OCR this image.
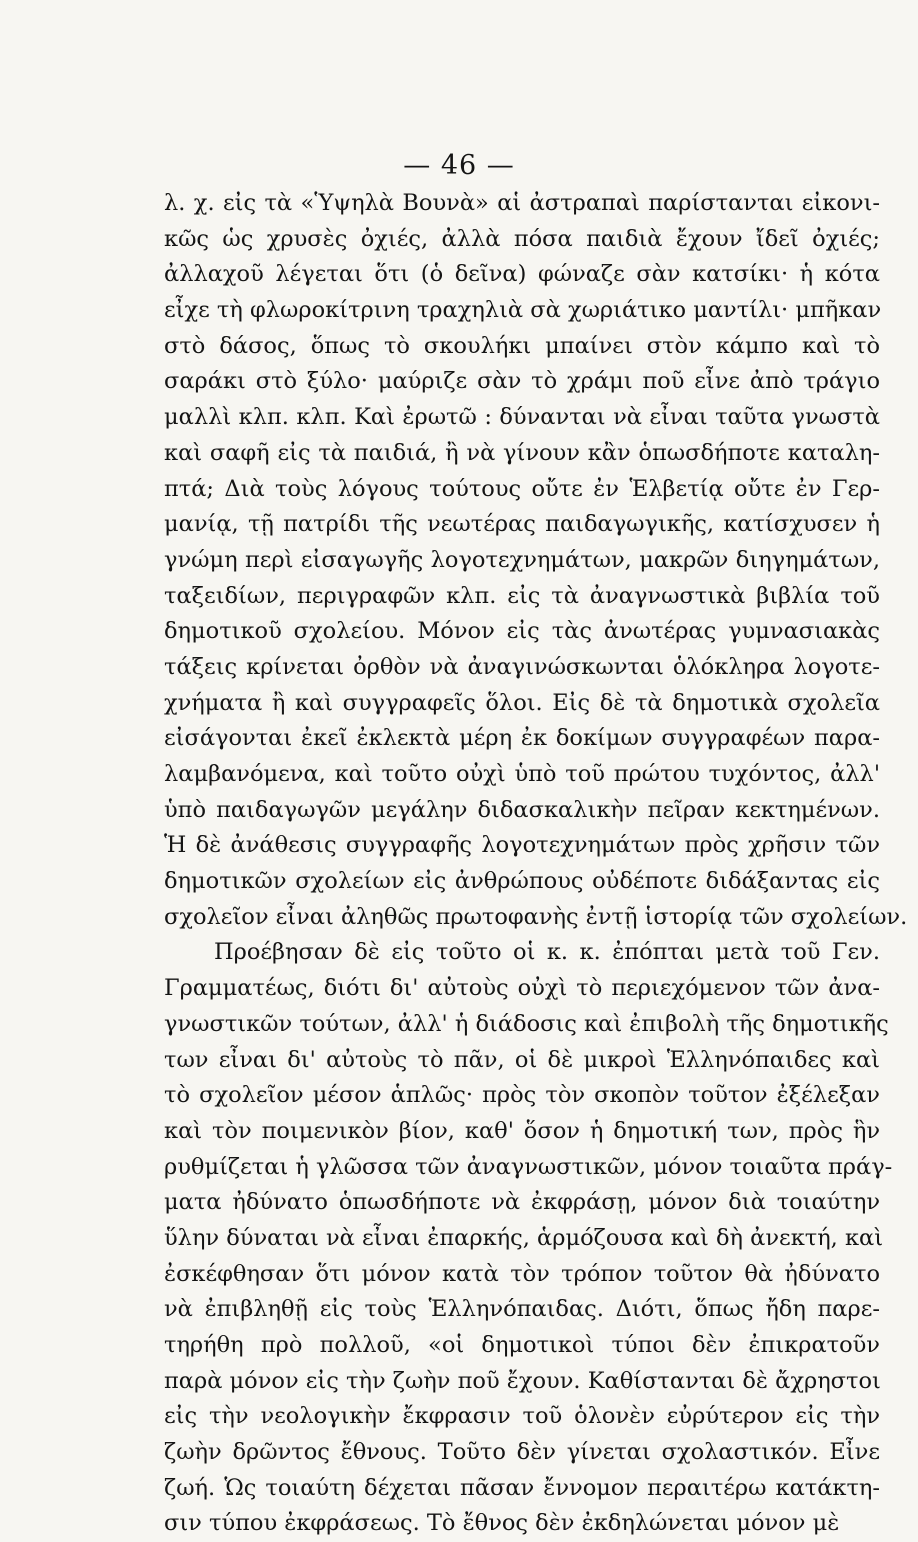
— 46 —
λ. χ. εἰς τὰ «Ὑψηλὰ Βουνὰ» αἱ ἀστραπαὶ παρίστανται εἰκονι-
κῶς ὡς χρυσὲς ὀχιές, ἀλλὰ πόσα παιδιὰ ἔχουν ἴδεῖ ὀχιές;
ἀλλαχοῦ λέγεται ὅτι (ὁ δεῖνα) φώναζε σὰν κατσίκι· ἡ κότα
εἶχε τὴ φλωροκίτρινη τραχηλιὰ σὰ χωριάτικο μαντίλι· μπῆκαν
στὸ δάσος, ὅπως τὸ σκουλήκι μπαίνει στὸν κάμπο καὶ τὸ
σαράκι στὸ ξύλο· μαύριζε σὰν τὸ χράμι ποῦ εἶνε ἀπὸ τράγιο
μαλλὶ κλπ. κλπ. Καὶ ἐρωτῶ : δύνανται νὰ εἶναι ταῦτα γνωστὰ
καὶ σαφῆ εἰς τὰ παιδιά, ἢ νὰ γίνουν κἂν ὁπωσδήποτε καταλη-
πτά; Διὰ τοὺς λόγους τούτους οὔτε ἐν Ἑλβετίᾳ οὔτε ἐν Γερ-
μανίᾳ, τῇ πατρίδι τῆς νεωτέρας παιδαγωγικῆς, κατίσχυσεν ἡ
γνώμη περὶ εἰσαγωγῆς λογοτεχνημάτων, μακρῶν διηγημάτων,
ταξειδίων, περιγραφῶν κλπ. εἰς τὰ ἀναγνωστικὰ βιβλία τοῦ
δημοτικοῦ σχολείου. Μόνον εἰς τὰς ἀνωτέρας γυμνασιακὰς
τάξεις κρίνεται ὀρθὸν νὰ ἀναγινώσκωνται ὁλόκληρα λογοτε-
χνήματα ἢ καὶ συγγραφεῖς ὅλοι. Εἰς δὲ τὰ δημοτικὰ σχολεῖα
εἰσάγονται ἐκεῖ ἐκλεκτὰ μέρη ἐκ δοκίμων συγγραφέων παρα-
λαμβανόμενα, καὶ τοῦτο οὐχὶ ὑπὸ τοῦ πρώτου τυχόντος, ἀλλ'
ὑπὸ παιδαγωγῶν μεγάλην διδασκαλικὴν πεῖραν κεκτημένων.
Ἡ δὲ ἀνάθεσις συγγραφῆς λογοτεχνημάτων πρὸς χρῆσιν τῶν
δημοτικῶν σχολείων εἰς ἀνθρώπους οὐδέποτε διδάξαντας εἰς
σχολεῖον εἶναι ἀληθῶς πρωτοφανὴς ἐντῇ ἱστορίᾳ τῶν σχολείων.
Προέβησαν δὲ εἰς τοῦτο οἱ κ. κ. ἐπόπται μετὰ τοῦ Γεν.
Γραμματέως, διότι δι' αὐτοὺς οὐχὶ τὸ περιεχόμενον τῶν ἀνα-
γνωστικῶν τούτων, ἀλλ' ἡ διάδοσις καὶ ἐπιβολὴ τῆς δημοτικῆς
των εἶναι δι' αὐτοὺς τὸ πᾶν, οἱ δὲ μικροὶ Ἑλληνόπαιδες καὶ
τὸ σχολεῖον μέσον ἁπλῶς· πρὸς τὸν σκοπὸν τοῦτον ἐξέλεξαν
καὶ τὸν ποιμενικὸν βίον, καθ' ὅσον ἡ δημοτική των, πρὸς ἣν
ρυθμίζεται ἡ γλῶσσα τῶν ἀναγνωστικῶν, μόνον τοιαῦτα πράγ-
ματα ἠδύνατο ὁπωσδήποτε νὰ ἐκφράσῃ, μόνον διὰ τοιαύτην
ὕλην δύναται νὰ εἶναι ἐπαρκής, ἁρμόζουσα καὶ δὴ ἀνεκτή, καὶ
ἐσκέφθησαν ὅτι μόνον κατὰ τὸν τρόπον τοῦτον θὰ ἠδύνατο
νὰ ἐπιβληθῇ εἰς τοὺς Ἑλληνόπαιδας. Διότι, ὅπως ἤδη παρε-
τηρήθη πρὸ πολλοῦ, «οἱ δημοτικοὶ τύποι δὲν ἐπικρατοῦν
παρὰ μόνον εἰς τὴν ζωὴν ποῦ ἔχουν. Καθίστανται δὲ ἄχρηστοι
εἰς τὴν νεολογικὴν ἔκφρασιν τοῦ ὁλονὲν εὐρύτερον εἰς τὴν
ζωὴν δρῶντος ἔθνους. Τοῦτο δὲν γίνεται σχολαστικόν. Εἶνε
ζωή. Ὡς τοιαύτη δέχεται πᾶσαν ἔννομον περαιτέρω κατάκτη-
σιν τύπου ἐκφράσεως. Τὸ ἔθνος δὲν ἐκδηλώνεται μόνον μὲ
